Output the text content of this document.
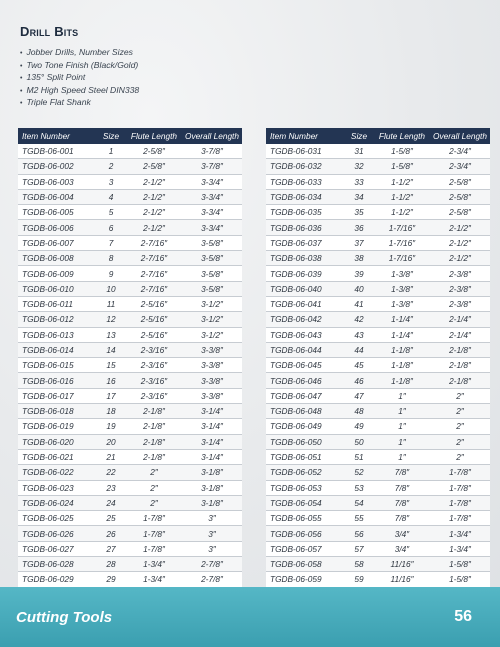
Drill Bits
• Jobber Drills, Number Sizes
• Two Tone Finish (Black/Gold)
• 135° Split Point
• M2 High Speed Steel DIN338
• Triple Flat Shank
Item Number	Size	Flute Length	Overall Length
TGDB-06-001	1	2-5/8″	3-7/8″
TGDB-06-002	2	2-5/8″	3-7/8″
TGDB-06-003	3	2-1/2″	3-3/4″
TGDB-06-004	4	2-1/2″	3-3/4″
TGDB-06-005	5	2-1/2″	3-3/4″
TGDB-06-006	6	2-1/2″	3-3/4″
TGDB-06-007	7	2-7/16″	3-5/8″
TGDB-06-008	8	2-7/16″	3-5/8″
TGDB-06-009	9	2-7/16″	3-5/8″
TGDB-06-010	10	2-7/16″	3-5/8″
TGDB-06-011	11	2-5/16″	3-1/2″
TGDB-06-012	12	2-5/16″	3-1/2″
TGDB-06-013	13	2-5/16″	3-1/2″
TGDB-06-014	14	2-3/16″	3-3/8″
TGDB-06-015	15	2-3/16″	3-3/8″
TGDB-06-016	16	2-3/16″	3-3/8″
TGDB-06-017	17	2-3/16″	3-3/8″
TGDB-06-018	18	2-1/8″	3-1/4″
TGDB-06-019	19	2-1/8″	3-1/4″
TGDB-06-020	20	2-1/8″	3-1/4″
TGDB-06-021	21	2-1/8″	3-1/4″
TGDB-06-022	22	2″	3-1/8″
TGDB-06-023	23	2″	3-1/8″
TGDB-06-024	24	2″	3-1/8″
TGDB-06-025	25	1-7/8″	3″
TGDB-06-026	26	1-7/8″	3″
TGDB-06-027	27	1-7/8″	3″
TGDB-06-028	28	1-3/4″	2-7/8″
TGDB-06-029	29	1-3/4″	2-7/8″

Item Number	Size	Flute Length	Overall Length
TGDB-06-031	31	1-5/8″	2-3/4″
TGDB-06-032	32	1-5/8″	2-3/4″
TGDB-06-033	33	1-1/2″	2-5/8″
TGDB-06-034	34	1-1/2″	2-5/8″
TGDB-06-035	35	1-1/2″	2-5/8″
TGDB-06-036	36	1-7/16″	2-1/2″
TGDB-06-037	37	1-7/16″	2-1/2″
TGDB-06-038	38	1-7/16″	2-1/2″
TGDB-06-039	39	1-3/8″	2-3/8″
TGDB-06-040	40	1-3/8″	2-3/8″
TGDB-06-041	41	1-3/8″	2-3/8″
TGDB-06-042	42	1-1/4″	2-1/4″
TGDB-06-043	43	1-1/4″	2-1/4″
TGDB-06-044	44	1-1/8″	2-1/8″
TGDB-06-045	45	1-1/8″	2-1/8″
TGDB-06-046	46	1-1/8″	2-1/8″
TGDB-06-047	47	1″	2″
TGDB-06-048	48	1″	2″
TGDB-06-049	49	1″	2″
TGDB-06-050	50	1″	2″
TGDB-06-051	51	1″	2″
TGDB-06-052	52	7/8″	1-7/8″
TGDB-06-053	53	7/8″	1-7/8″
TGDB-06-054	54	7/8″	1-7/8″
TGDB-06-055	55	7/8″	1-7/8″
TGDB-06-056	56	3/4″	1-3/4″
TGDB-06-057	57	3/4″	1-3/4″
TGDB-06-058	58	11/16″	1-5/8″
TGDB-06-059	59	11/16″	1-5/8″

Cutting Tools	56
